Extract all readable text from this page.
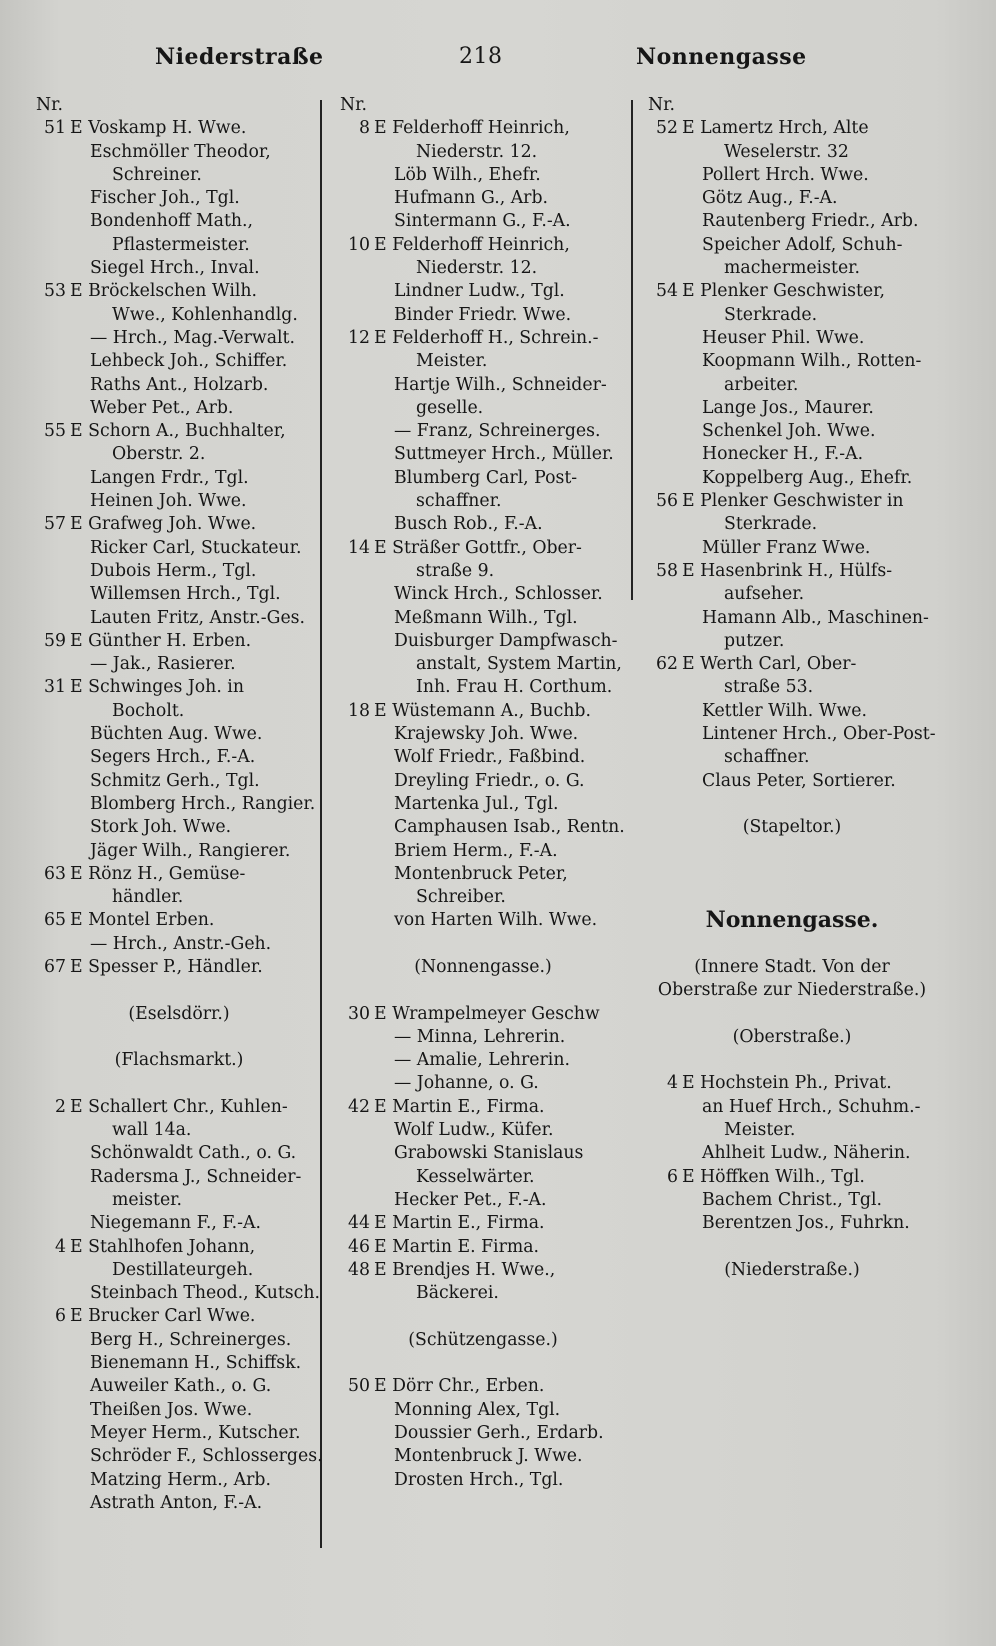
Niederstraße	218	Nonnengasse
Nr.
51 E Voskamp H. Wwe.
Eschmöller Theodor,
Schreiner.
Fischer Joh., Tgl.
Bondenhoff Math.,
Pflastermeister.
Siegel Hrch., Inval.
53 E Bröckelschen Wilh.
Wwe., Kohlenhandlg.
— Hrch., Mag.-Verwalt.
Lehbeck Joh., Schiffer.
Raths Ant., Holzarb.
Weber Pet., Arb.
55 E Schorn A., Buchhalter,
Oberstr. 2.
Langen Frdr., Tgl.
Heinen Joh. Wwe.
57 E Grafweg Joh. Wwe.
Ricker Carl, Stuckateur.
Dubois Herm., Tgl.
Willemsen Hrch., Tgl.
Lauten Fritz, Anstr.-Ges.
59 E Günther H. Erben.
— Jak., Rasierer.
31 E Schwinges Joh. in
Bocholt.
Büchten Aug. Wwe.
Segers Hrch., F.-A.
Schmitz Gerh., Tgl.
Blomberg Hrch., Rangier.
Stork Joh. Wwe.
Jäger Wilh., Rangierer.
63 E Rönz H., Gemüse-
händler.
65 E Montel Erben.
— Hrch., Anstr.-Geh.
67 E Spesser P., Händler.
(Eselsdörr.)
(Flachsmarkt.)
2 E Schallert Chr., Kuhlen-
wall 14a.
Schönwaldt Cath., o. G.
Radersma J., Schneider-
meister.
Niegemann F., F.-A.
4 E Stahlhofen Johann,
Destillateurgeh.
Steinbach Theod., Kutsch.
6 E Brucker Carl Wwe.
Berg H., Schreinerges.
Bienemann H., Schiffsk.
Auweiler Kath., o. G.
Theißen Jos. Wwe.
Meyer Herm., Kutscher.
Schröder F., Schlosserges.
Matzing Herm., Arb.
Astrath Anton, F.-A.
Nr.
8 E Felderhoff Heinrich,
Niederstr. 12.
Löb Wilh., Ehefr.
Hufmann G., Arb.
Sintermann G., F.-A.
10 E Felderhoff Heinrich,
Niederstr. 12.
Lindner Ludw., Tgl.
Binder Friedr. Wwe.
12 E Felderhoff H., Schrein.-
Meister.
Hartje Wilh., Schneider-
geselle.
— Franz, Schreinerges.
Suttmeyer Hrch., Müller.
Blumberg Carl, Post-
schaffner.
Busch Rob., F.-A.
14 E Sträßer Gottfr., Ober-
straße 9.
Winck Hrch., Schlosser.
Meßmann Wilh., Tgl.
Duisburger Dampfwasch-
anstalt, System Martin,
Inh. Frau H. Corthum.
18 E Wüstemann A., Buchb.
Krajewsky Joh. Wwe.
Wolf Friedr., Faßbind.
Dreyling Friedr., o. G.
Martenka Jul., Tgl.
Camphausen Isab., Rentn.
Briem Herm., F.-A.
Montenbruck Peter,
Schreiber.
von Harten Wilh. Wwe.
(Nonnengasse.)
30 E Wrampelmeyer Geschw
— Minna, Lehrerin.
— Amalie, Lehrerin.
— Johanne, o. G.
42 E Martin E., Firma.
Wolf Ludw., Küfer.
Grabowski Stanislaus
Kesselwärter.
Hecker Pet., F.-A.
44 E Martin E., Firma.
46 E Martin E. Firma.
48 E Brendjes H. Wwe.,
Bäckerei.
(Schützengasse.)
50 E Dörr Chr., Erben.
Monning Alex, Tgl.
Doussier Gerh., Erdarb.
Montenbruck J. Wwe.
Drosten Hrch., Tgl.
Nr.
52 E Lamertz Hrch, Alte
Weselerstr. 32
Pollert Hrch. Wwe.
Götz Aug., F.-A.
Rautenberg Friedr., Arb.
Speicher Adolf, Schuh-
machermeister.
54 E Plenker Geschwister,
Sterkrade.
Heuser Phil. Wwe.
Koopmann Wilh., Rotten-
arbeiter.
Lange Jos., Maurer.
Schenkel Joh. Wwe.
Honecker H., F.-A.
Koppelberg Aug., Ehefr.
56 E Plenker Geschwister in
Sterkrade.
Müller Franz Wwe.
58 E Hasenbrink H., Hülfs-
aufseher.
Hamann Alb., Maschinen-
putzer.
62 E Werth Carl, Ober-
straße 53.
Kettler Wilh. Wwe.
Lintener Hrch., Ober-Post-
schaffner.
Claus Peter, Sortierer.
(Stapeltor.)
Nonnengasse.
(Innere Stadt. Von der
Oberstraße zur Niederstraße.)
(Oberstraße.)
4 E Hochstein Ph., Privat.
an Huef Hrch., Schuhm.-
Meister.
Ahlheit Ludw., Näherin.
6 E Höffken Wilh., Tgl.
Bachem Christ., Tgl.
Berentzen Jos., Fuhrkn.
(Niederstraße.)
